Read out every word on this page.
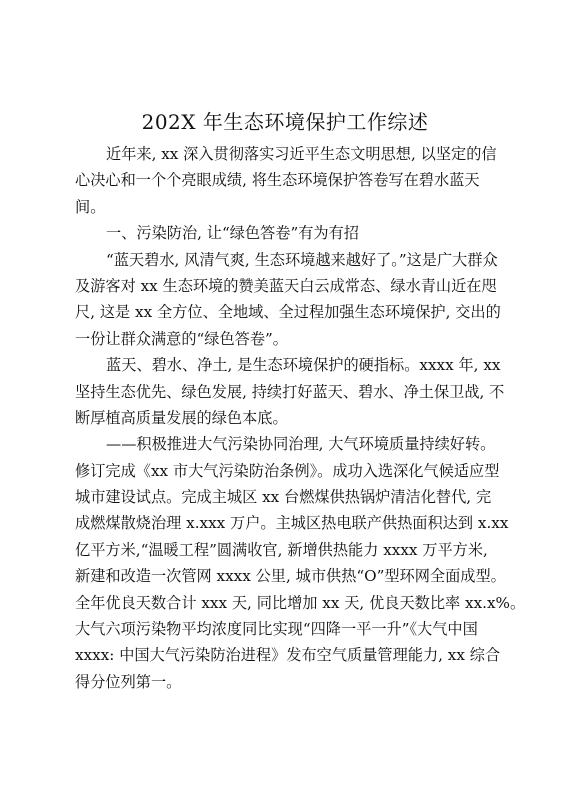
202X 年生态环境保护工作综述
近年来, xx 深入贯彻落实习近平生态文明思想, 以坚定的信
心决心和一个个亮眼成绩, 将生态环境保护答卷写在碧水蓝天
间。
一、污染防治, 让“绿色答卷”有为有招
“蓝天碧水, 风清气爽, 生态环境越来越好了。”这是广大群众
及游客对 xx 生态环境的赞美蓝天白云成常态、绿水青山近在咫
尺, 这是 xx 全方位、全地域、全过程加强生态环境保护, 交出的
一份让群众满意的“绿色答卷”。
蓝天、碧水、净土, 是生态环境保护的硬指标。xxxx 年, xx
坚持生态优先、绿色发展, 持续打好蓝天、碧水、净土保卫战, 不
断厚植高质量发展的绿色本底。
——积极推进大气污染协同治理, 大气环境质量持续好转。
修订完成《xx 市大气污染防治条例》。成功入选深化气候适应型
城市建设试点。完成主城区 xx 台燃煤供热锅炉清洁化替代, 完
成燃煤散烧治理 x.xxx 万户。主城区热电联产供热面积达到 x.xx
亿平方米,“温暖工程”圆满收官, 新增供热能力 xxxx 万平方米,
新建和改造一次管网 xxxx 公里, 城市供热“O”型环网全面成型。
全年优良天数合计 xxx 天, 同比增加 xx 天, 优良天数比率 xx.x%。
大气六项污染物平均浓度同比实现“四降一平一升”《大气中国
xxxx: 中国大气污染防治进程》发布空气质量管理能力, xx 综合
得分位列第一。
